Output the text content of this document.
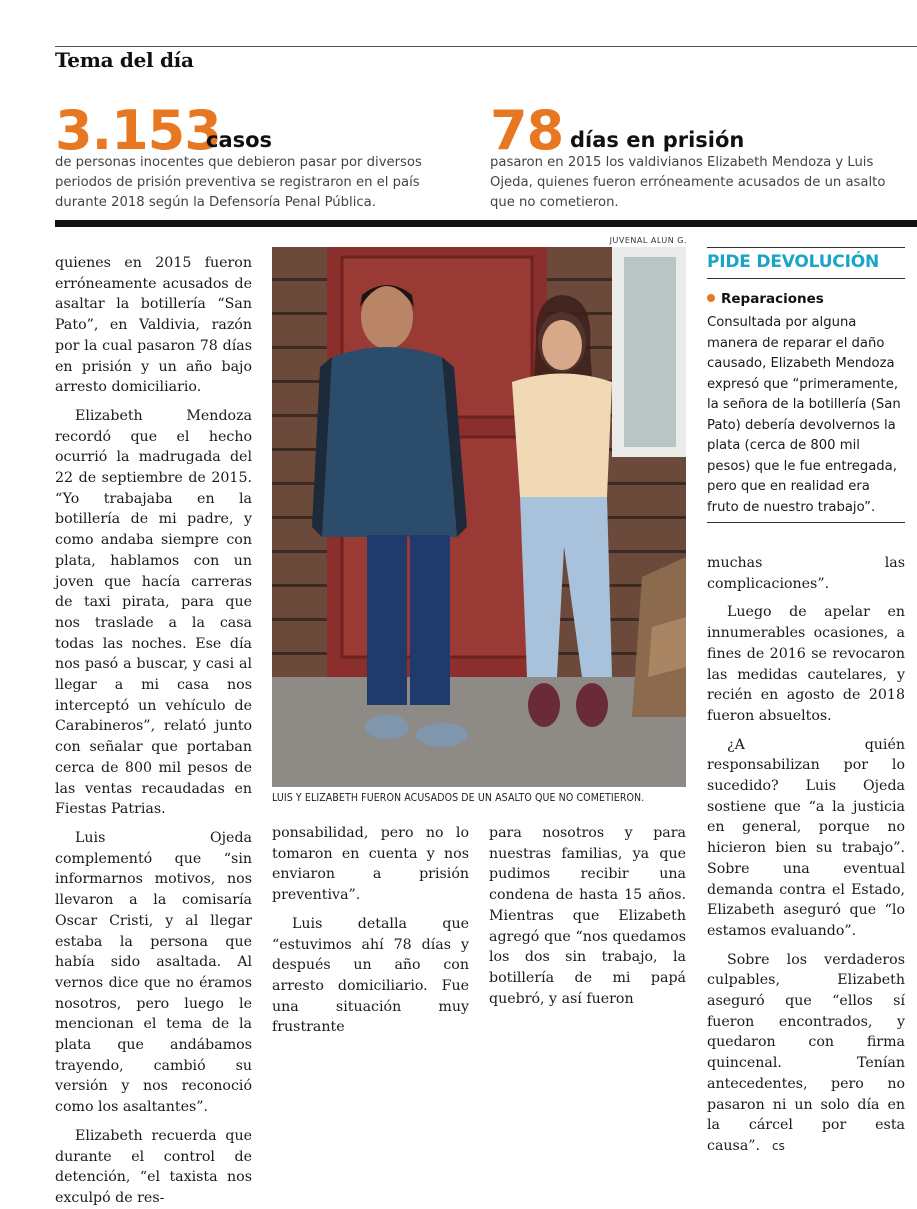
Tema del día
3.153
casos
de personas inocentes que debieron pasar por diversos periodos de prisión preventiva se registraron en el país durante 2018 según la Defensoría Penal Pública.
78 días en prisión
pasaron en 2015 los valdivianos Elizabeth Mendoza y Luis Ojeda, quienes fueron erróneamente acusados de un asalto que no cometieron.

quienes en 2015 fueron erróneamente acusados de asaltar la botillería “San Pato”, en Valdivia, razón por la cual pasaron 78 días en prisión y un año bajo arresto domiciliario.

Elizabeth Mendoza recordó que el hecho ocurrió la madrugada del 22 de septiembre de 2015. “Yo trabajaba en la botillería de mi padre, y como andaba siempre con plata, hablamos con un joven que hacía carreras de taxi pirata, para que nos traslade a la casa todas las noches. Ese día nos pasó a buscar, y casi al llegar a mi casa nos interceptó un vehículo de Carabineros”, relató junto con señalar que portaban cerca de 800 mil pesos de las ventas recaudadas en Fiestas Patrias.

Luis Ojeda complementó que “sin informarnos motivos, nos llevaron a la comisaría Oscar Cristi, y al llegar estaba la persona que había sido asaltada. Al vernos dice que no éramos nosotros, pero luego le mencionan el tema de la plata que andábamos trayendo, cambió su versión y nos reconoció como los asaltantes”.

Elizabeth recuerda que durante el control de detención, “el taxista nos exculpó de res-

JUVENAL ALUN G.
LUIS Y ELIZABETH FUERON ACUSADOS DE UN ASALTO QUE NO COMETIERON.

ponsabilidad, pero no lo tomaron en cuenta y nos enviaron a prisión preventiva”.

Luis detalla que “estuvimos ahí 78 días y después un año con arresto domiciliario. Fue una situación muy frustrante

para nosotros y para nuestras familias, ya que pudimos recibir una condena de hasta 15 años. Mientras que Elizabeth agregó que “nos quedamos los dos sin trabajo, la botillería de mi papá quebró, y así fueron

PIDE DEVOLUCIÓN
Reparaciones
Consultada por alguna manera de reparar el daño causado, Elizabeth Mendoza expresó que “primeramente, la señora de la botillería (San Pato) debería devolvernos la plata (cerca de 800 mil pesos) que le fue entregada, pero que en realidad era fruto de nuestro trabajo”.

muchas las complicaciones”.

Luego de apelar en innumerables ocasiones, a fines de 2016 se revocaron las medidas cautelares, y recién en agosto de 2018 fueron absueltos.

¿A quién responsabilizan por lo sucedido? Luis Ojeda sostiene que “a la justicia en general, porque no hicieron bien su trabajo”. Sobre una eventual demanda contra el Estado, Elizabeth aseguró que “lo estamos evaluando”.

Sobre los verdaderos culpables, Elizabeth aseguró que “ellos sí fueron encontrados, y quedaron con firma quincenal. Tenían antecedentes, pero no pasaron ni un solo día en la cárcel por esta causa”. cs
